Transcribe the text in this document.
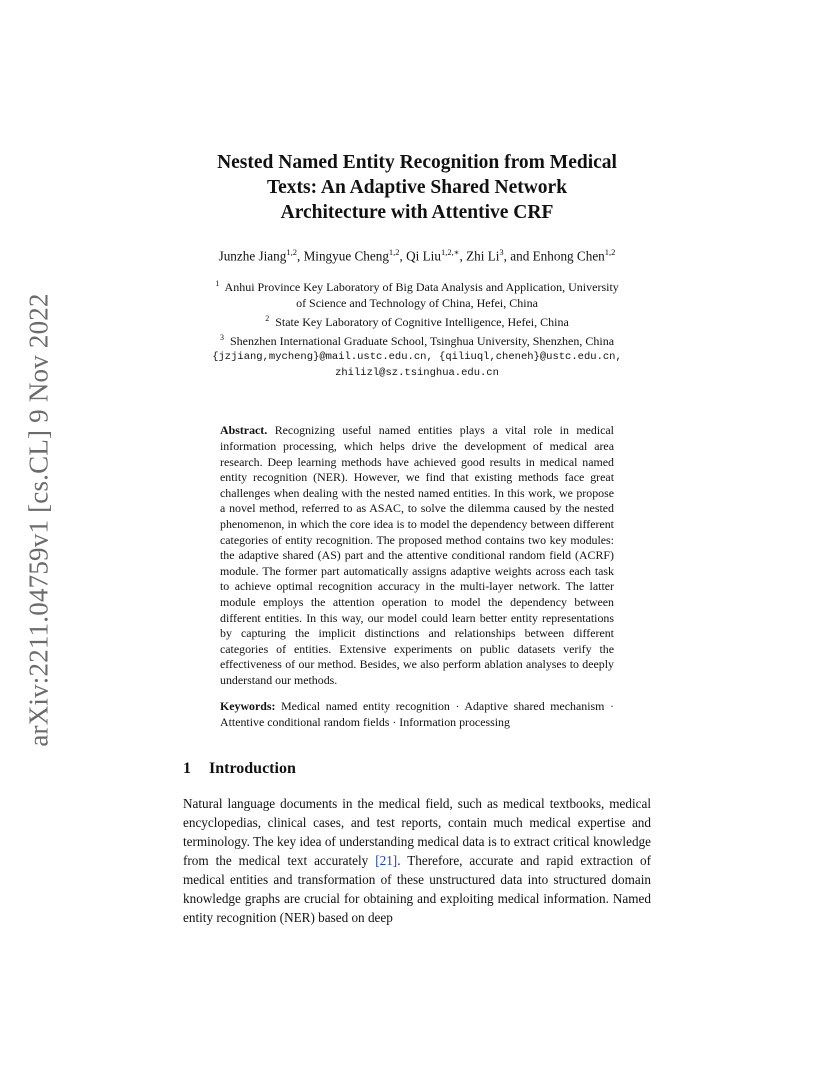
arXiv:2211.04759v1 [cs.CL] 9 Nov 2022
Nested Named Entity Recognition from Medical
Texts: An Adaptive Shared Network
Architecture with Attentive CRF
Junzhe Jiang$^{1,2}$, Mingyue Cheng$^{1,2}$, Qi Liu$^{1,2,∗}$, Zhi Li$^3$, and Enhong Chen$^{1,2}$
$^1$ Anhui Province Key Laboratory of Big Data Analysis and Application, University
of Science and Technology of China, Hefei, China
$^2$ State Key Laboratory of Cognitive Intelligence, Hefei, China
$^3$ Shenzhen International Graduate School, Tsinghua University, Shenzhen, China
{jzjiang,mycheng}@mail.ustc.edu.cn, {qiliuql,cheneh}@ustc.edu.cn,
zhilizl@sz.tsinghua.edu.cn
Abstract. Recognizing useful named entities plays a vital role in medical information processing, which helps drive the development of medical area research. Deep learning methods have achieved good results in medical named entity recognition (NER). However, we find that existing methods face great challenges when dealing with the nested named entities. In this work, we propose a novel method, referred to as ASAC, to solve the dilemma caused by the nested phenomenon, in which the core idea is to model the dependency between different categories of entity recognition. The proposed method contains two key modules: the adaptive shared (AS) part and the attentive conditional random field (ACRF) module. The former part automatically assigns adaptive weights across each task to achieve optimal recognition accuracy in the multi-layer network. The latter module employs the attention operation to model the dependency between different entities. In this way, our model could learn better entity representations by capturing the implicit distinctions and relationships between different categories of entities. Extensive experiments on public datasets verify the effectiveness of our method. Besides, we also perform ablation analyses to deeply understand our methods.
Keywords: Medical named entity recognition · Adaptive shared mechanism · Attentive conditional random fields · Information processing
1 Introduction
Natural language documents in the medical field, such as medical textbooks, medical encyclopedias, clinical cases, and test reports, contain much medical expertise and terminology. The key idea of understanding medical data is to extract critical knowledge from the medical text accurately [21]. Therefore, accurate and rapid extraction of medical entities and transformation of these unstructured data into structured domain knowledge graphs are crucial for obtaining and exploiting medical information. Named entity recognition (NER) based on deep
